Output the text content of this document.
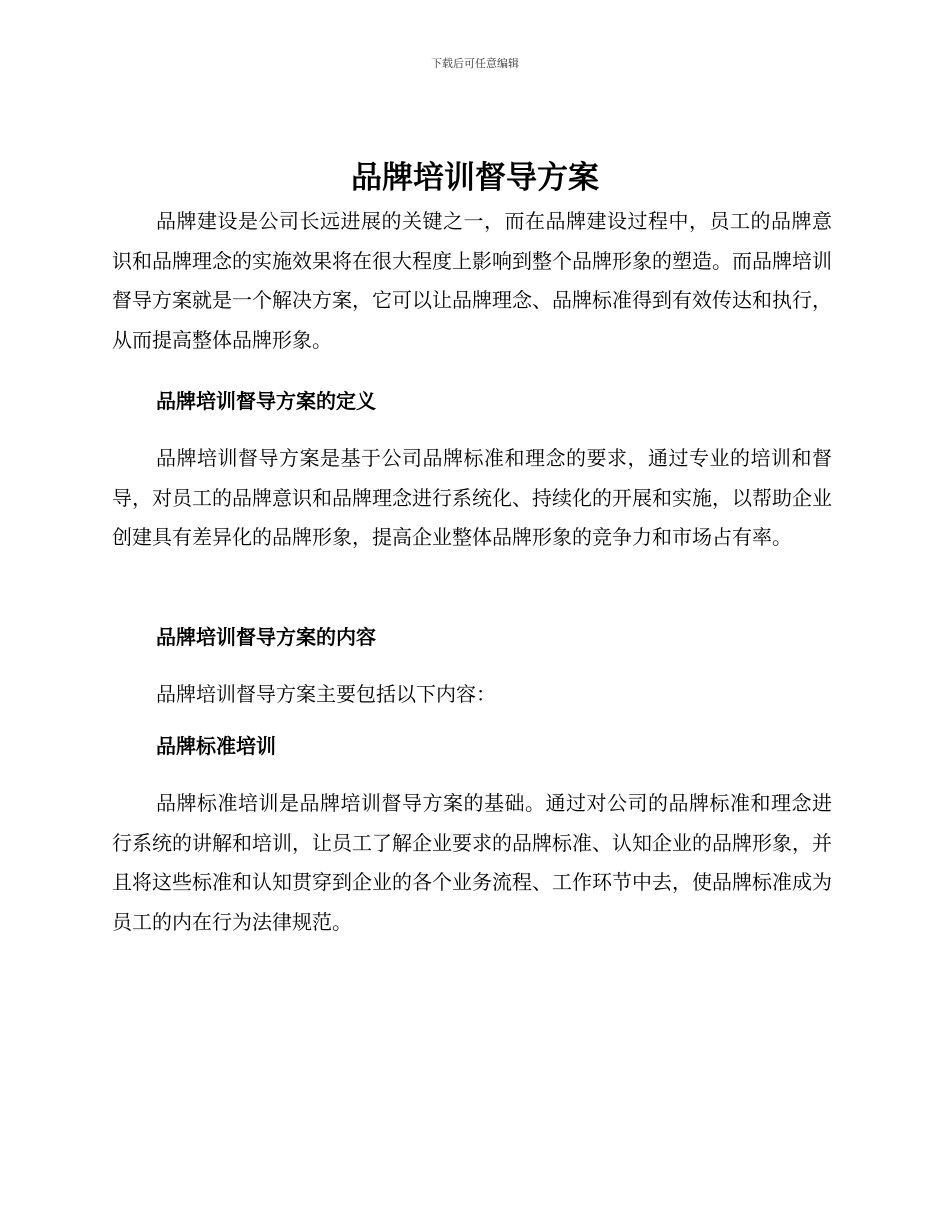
下载后可任意编辑
品牌培训督导方案

品牌建设是公司长远进展的关键之一，而在品牌建设过程中，员工的品牌意识和品牌理念的实施效果将在很大程度上影响到整个品牌形象的塑造。而品牌培训督导方案就是一个解决方案，它可以让品牌理念、品牌标准得到有效传达和执行，从而提高整体品牌形象。

品牌培训督导方案的定义

品牌培训督导方案是基于公司品牌标准和理念的要求，通过专业的培训和督导，对员工的品牌意识和品牌理念进行系统化、持续化的开展和实施，以帮助企业创建具有差异化的品牌形象，提高企业整体品牌形象的竞争力和市场占有率。

品牌培训督导方案的内容

品牌培训督导方案主要包括以下内容：

品牌标准培训

品牌标准培训是品牌培训督导方案的基础。通过对公司的品牌标准和理念进行系统的讲解和培训，让员工了解企业要求的品牌标准、认知企业的品牌形象，并且将这些标准和认知贯穿到企业的各个业务流程、工作环节中去，使品牌标准成为员工的内在行为法律规范。
